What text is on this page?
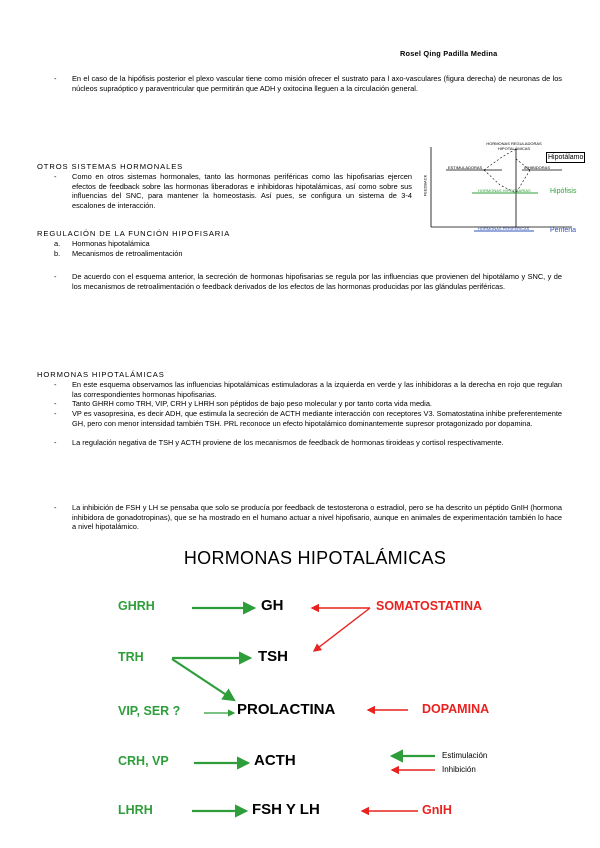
Rosel Qing Padilla Medina
- En el caso de la hipófisis posterior el plexo vascular tiene como misión ofrecer el sustrato para l axo-vasculares (figura derecha) de neuronas de los núcleos supraóptico y paraventricular que permitirán que ADH y oxitocina lleguen a la circulación general.
OTROS SISTEMAS HORMONALES
- Como en otros sistemas hormonales, tanto las hormonas periféricas como las hipofisarias ejercen efectos de feedback sobre las hormonas liberadoras e inhibidoras hipotalámicas, así como sobre sus influencias del SNC, para mantener la homeostasis. Así pues, se configura un sistema de 3-4 escalones de interacción.
REGULACIÓN DE LA FUNCIÓN HIPOFISARIA
a. Hormonas hipotalámica
b. Mecanismos de retroalimentación
- De acuerdo con el esquema anterior, la secreción de hormonas hipofisarias se regula por las influencias que provienen del hipotálamo y SNC, y de los mecanismos de retroalimentación o feedback derivados de los efectos de las hormonas producidas por las glándulas periféricas.
HORMONAS REGULADORAS HIPOTALÁMICAS
ESTIMULADORAS	INHIBIDORAS
HORMONAS HIPOFISARIAS
HORMONAS PERIFÉRICAS
FEEDBACK
Hipotálamo
Hipófisis
Periferia
HORMONAS HIPOTALÁMICAS
- En este esquema observamos las influencias hipotalámicas estimuladoras a la izquierda en verde y las inhibidoras a la derecha en rojo que regulan las correspondientes hormonas hipofisarias.
- Tanto GHRH como TRH, VIP, CRH y LHRH son péptidos de bajo peso molecular y por tanto corta vida media.
- VP es vasopresina, es decir ADH, que estimula la secreción de ACTH mediante interacción con receptores V3. Somatostatina inhibe preferentemente GH, pero con menor intensidad también TSH. PRL reconoce un efecto hipotalámico dominantemente supresor protagonizado por dopamina.
- La regulación negativa de TSH y ACTH proviene de los mecanismos de feedback de hormonas tiroideas y cortisol respectivamente.
- La inhibición de FSH y LH se pensaba que solo se producía por feedback de testosterona o estradiol, pero se ha descrito un péptido GnIH (hormona inhibidora de gonadotropinas), que se ha mostrado en el humano actuar a nivel hipofisario, aunque en animales de experimentación también lo hace a nivel hipotalámico.
HORMONAS HIPOTALÁMICAS
GHRH
TRH
VIP, SER ?
CRH, VP
LHRH
GH
TSH
PROLACTINA
ACTH
FSH Y LH
SOMATOSTATINA
DOPAMINA
GnIH
Estimulación
Inhibición
